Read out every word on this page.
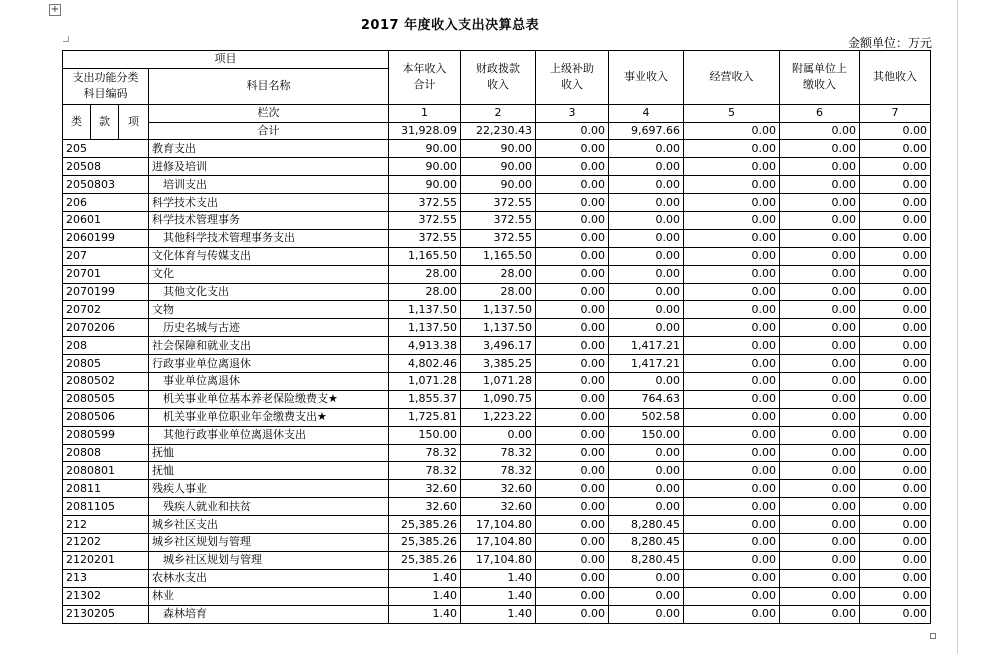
+
2017 年度收入支出决算总表
金额单位：万元
项目				本年收入合计	财政拨款收入	上级补助收入	事业收入	经营收入	附属单位上缴收入	其他收入
支出功能分类科目编码			科目名称							

类	款	项	栏次	1	2	3	4	5	6	7
			合计	31,928.09	22,230.43	0.00	9,697.66	0.00	0.00	0.00
205			教育支出	90.00	90.00	0.00	0.00	0.00	0.00	0.00
20508			进修及培训	90.00	90.00	0.00	0.00	0.00	0.00	0.00
2050803			培训支出	90.00	90.00	0.00	0.00	0.00	0.00	0.00
206			科学技术支出	372.55	372.55	0.00	0.00	0.00	0.00	0.00
20601			科学技术管理事务	372.55	372.55	0.00	0.00	0.00	0.00	0.00
2060199			其他科学技术管理事务支出	372.55	372.55	0.00	0.00	0.00	0.00	0.00
207			文化体育与传媒支出	1,165.50	1,165.50	0.00	0.00	0.00	0.00	0.00
20701			文化	28.00	28.00	0.00	0.00	0.00	0.00	0.00
2070199			其他文化支出	28.00	28.00	0.00	0.00	0.00	0.00	0.00
20702			文物	1,137.50	1,137.50	0.00	0.00	0.00	0.00	0.00
2070206			历史名城与古迹	1,137.50	1,137.50	0.00	0.00	0.00	0.00	0.00
208			社会保障和就业支出	4,913.38	3,496.17	0.00	1,417.21	0.00	0.00	0.00
20805			行政事业单位离退休	4,802.46	3,385.25	0.00	1,417.21	0.00	0.00	0.00
2080502			事业单位离退休	1,071.28	1,071.28	0.00	0.00	0.00	0.00	0.00
2080505			机关事业单位基本养老保险缴费支★	1,855.37	1,090.75	0.00	764.63	0.00	0.00	0.00
2080506			机关事业单位职业年金缴费支出★	1,725.81	1,223.22	0.00	502.58	0.00	0.00	0.00
2080599			其他行政事业单位离退休支出	150.00	0.00	0.00	150.00	0.00	0.00	0.00
20808			抚恤	78.32	78.32	0.00	0.00	0.00	0.00	0.00
2080801			抚恤	78.32	78.32	0.00	0.00	0.00	0.00	0.00
20811			残疾人事业	32.60	32.60	0.00	0.00	0.00	0.00	0.00
2081105			残疾人就业和扶贫	32.60	32.60	0.00	0.00	0.00	0.00	0.00
212			城乡社区支出	25,385.26	17,104.80	0.00	8,280.45	0.00	0.00	0.00
21202			城乡社区规划与管理	25,385.26	17,104.80	0.00	8,280.45	0.00	0.00	0.00
2120201			城乡社区规划与管理	25,385.26	17,104.80	0.00	8,280.45	0.00	0.00	0.00
213			农林水支出	1.40	1.40	0.00	0.00	0.00	0.00	0.00
21302			林业	1.40	1.40	0.00	0.00	0.00	0.00	0.00
2130205			森林培育	1.40	1.40	0.00	0.00	0.00	0.00	0.00
